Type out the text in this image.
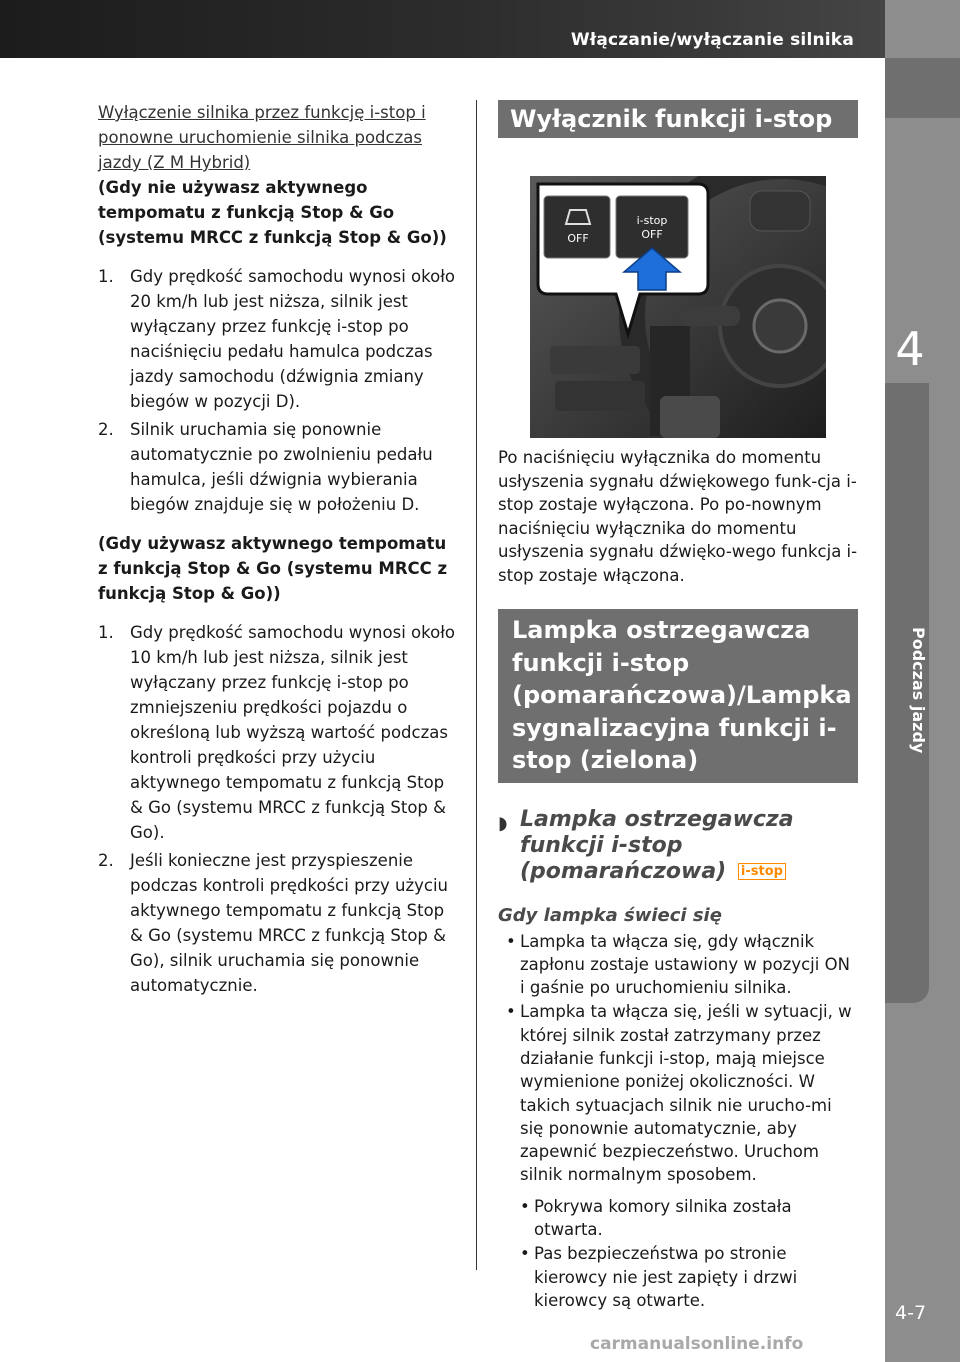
Włączanie/wyłączanie silnika
4
Podczas jazdy
4-7
carmanualsonline.info
Wyłączenie silnika przez funkcję i-stop i ponowne uruchomienie silnika podczas jazdy (Z M Hybrid)
(Gdy nie używasz aktywnego tempomatu z funkcją Stop & Go (systemu MRCC z funkcją Stop & Go))
1. Gdy prędkość samochodu wynosi około 20 km/h lub jest niższa, silnik jest wyłączany przez funkcję i-stop po naciśnięciu pedału hamulca podczas jazdy samochodu (dźwignia zmiany biegów w pozycji D).
2. Silnik uruchamia się ponownie automatycznie po zwolnieniu pedału hamulca, jeśli dźwignia wybierania biegów znajduje się w położeniu D.
(Gdy używasz aktywnego tempomatu z funkcją Stop & Go (systemu MRCC z funkcją Stop & Go))
1. Gdy prędkość samochodu wynosi około 10 km/h lub jest niższa, silnik jest wyłączany przez funkcję i-stop po zmniejszeniu prędkości pojazdu o określoną lub wyższą wartość podczas kontroli prędkości przy użyciu aktywnego tempomatu z funkcją Stop & Go (systemu MRCC z funkcją Stop & Go).
2. Jeśli konieczne jest przyspieszenie podczas kontroli prędkości przy użyciu aktywnego tempomatu z funkcją Stop & Go (systemu MRCC z funkcją Stop & Go), silnik uruchamia się ponownie automatycznie.
Wyłącznik funkcji i-stop
OFF
i-stop
OFF
Po naciśnięciu wyłącznika do momentu usłyszenia sygnału dźwiękowego funk-cja i-stop zostaje wyłączona. Po po-nownym naciśnięciu wyłącznika do momentu usłyszenia sygnału dźwięko-wego funkcja i-stop zostaje włączona.
Lampka ostrzegawcza funkcji i-stop (pomarańczowa)/Lampka sygnalizacyjna funkcji i-stop (zielona)
◗ Lampka ostrzegawcza funkcji i-stop (pomarańczowa) i-stop
Gdy lampka świeci się
• Lampka ta włącza się, gdy włącznik zapłonu zostaje ustawiony w pozycji ON i gaśnie po uruchomieniu silnika.
• Lampka ta włącza się, jeśli w sytuacji, w której silnik został zatrzymany przez działanie funkcji i-stop, mają miejsce wymienione poniżej okoliczności. W takich sytuacjach silnik nie urucho-mi się ponownie automatycznie, aby zapewnić bezpieczeństwo. Uruchom silnik normalnym sposobem.
• Pokrywa komory silnika została otwarta.
• Pas bezpieczeństwa po stronie kierowcy nie jest zapięty i drzwi kierowcy są otwarte.
